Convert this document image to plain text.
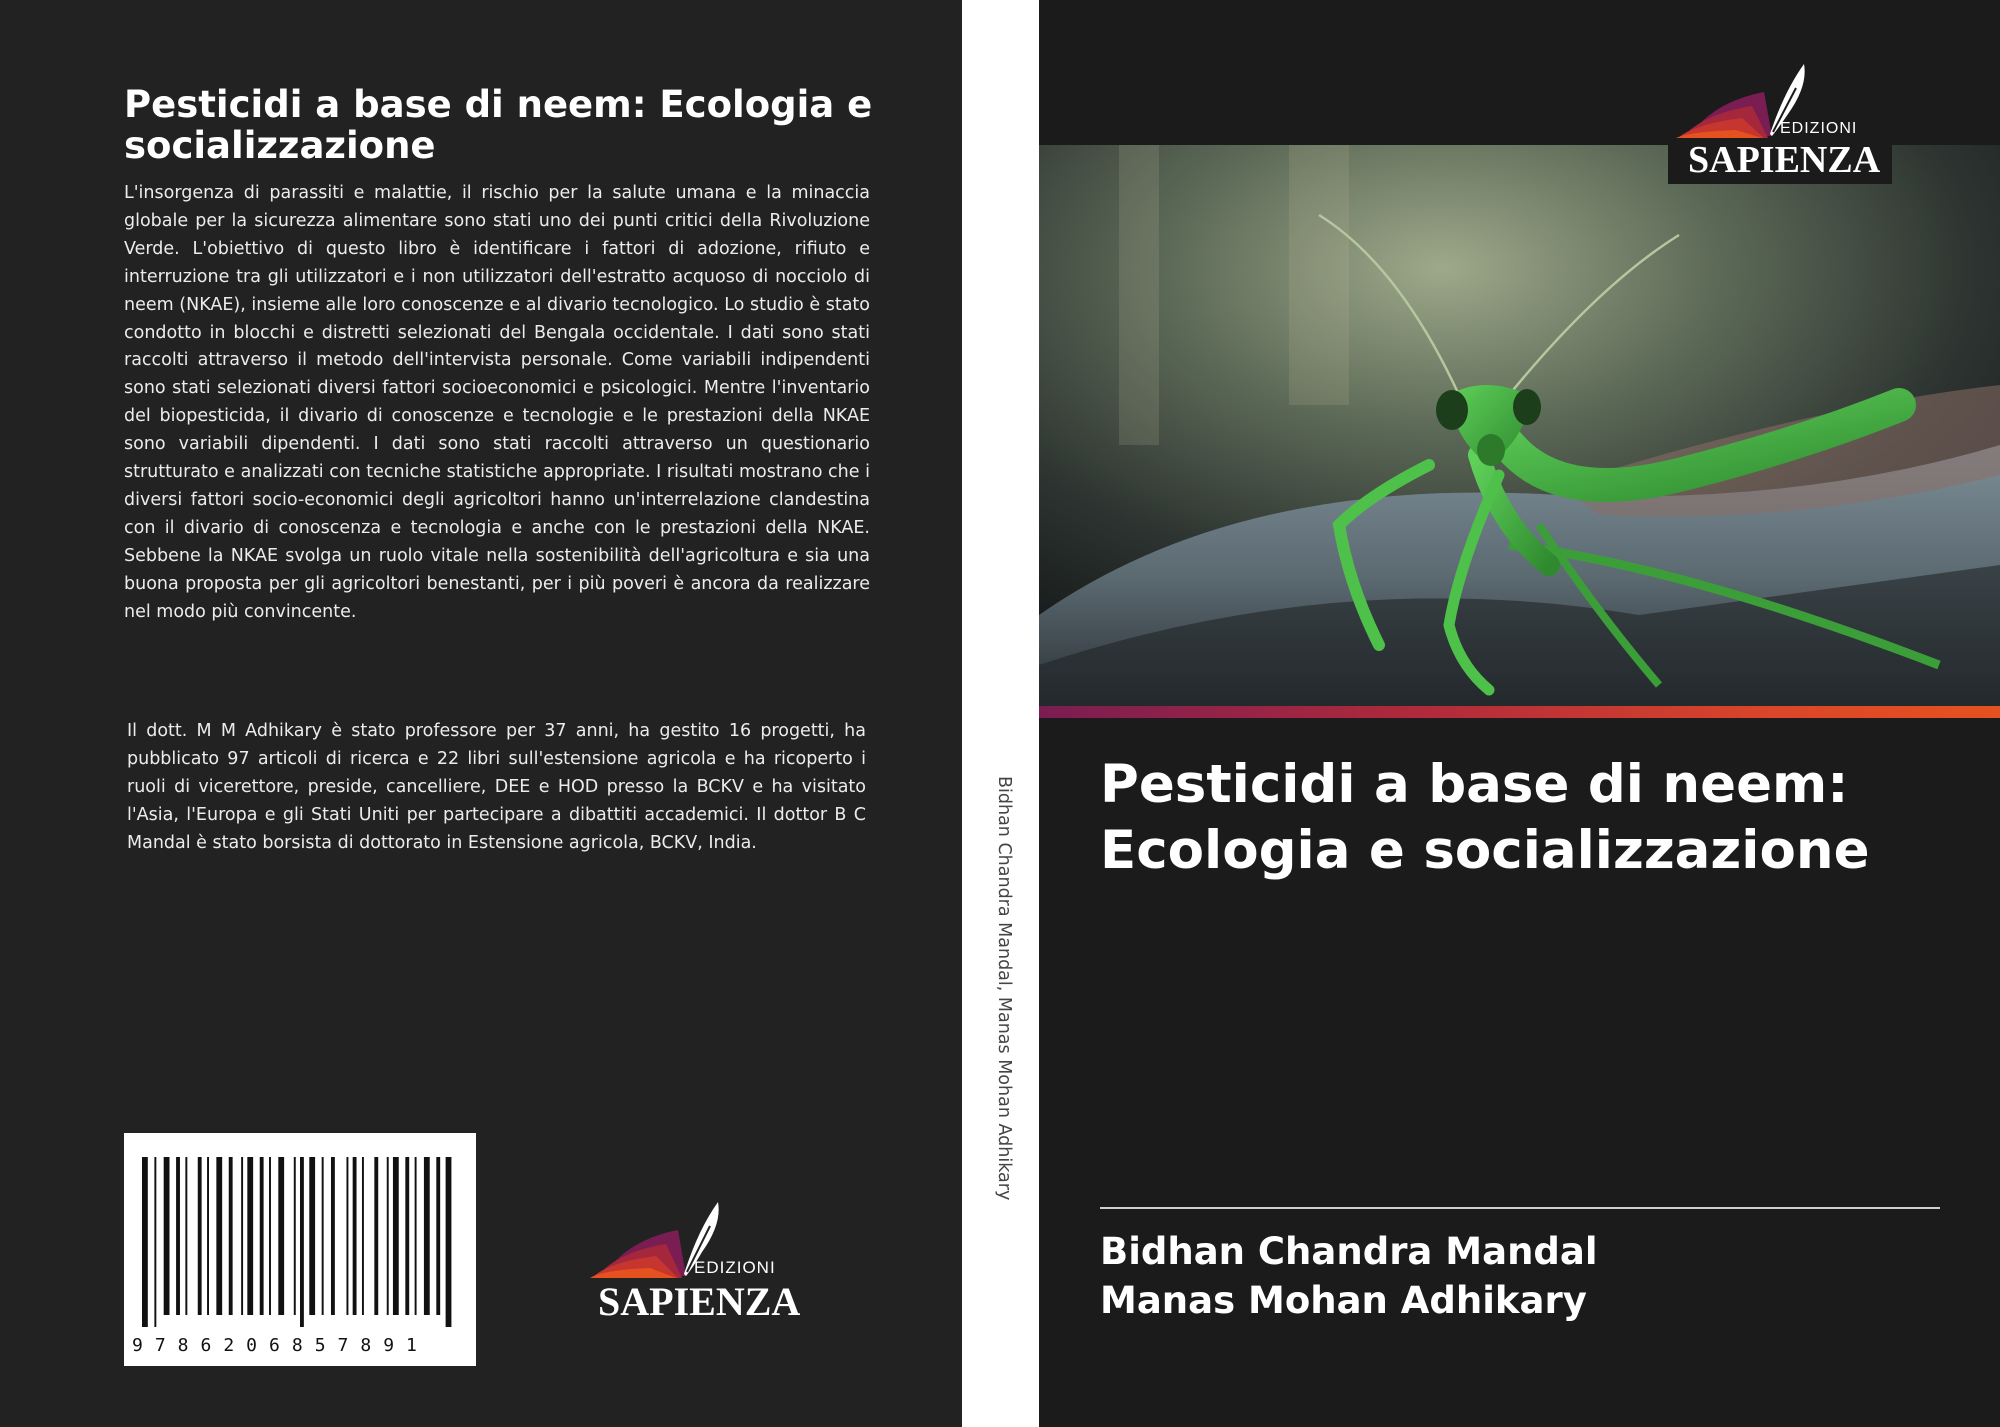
Pesticidi a base di neem: Ecologia e socializzazione

L'insorgenza di parassiti e malattie, il rischio per la salute umana e la minaccia globale per la sicurezza alimentare sono stati uno dei punti critici della Rivoluzione Verde. L'obiettivo di questo libro è identificare i fattori di adozione, rifiuto e interruzione tra gli utilizzatori e i non utilizzatori dell'estratto acquoso di nocciolo di neem (NKAE), insieme alle loro conoscenze e al divario tecnologico. Lo studio è stato condotto in blocchi e distretti selezionati del Bengala occidentale. I dati sono stati raccolti attraverso il metodo dell'intervista personale. Come variabili indipendenti sono stati selezionati diversi fattori socioeconomici e psicologici. Mentre l'inventario del biopesticida, il divario di conoscenze e tecnologie e le prestazioni della NKAE sono variabili dipendenti. I dati sono stati raccolti attraverso un questionario strutturato e analizzati con tecniche statistiche appropriate. I risultati mostrano che i diversi fattori socio-economici degli agricoltori hanno un'interrelazione clandestina con il divario di conoscenza e tecnologia e anche con le prestazioni della NKAE. Sebbene la NKAE svolga un ruolo vitale nella sostenibilità dell'agricoltura e sia una buona proposta per gli agricoltori benestanti, per i più poveri è ancora da realizzare nel modo più convincente.

Il dott. M M Adhikary è stato professore per 37 anni, ha gestito 16 progetti, ha pubblicato 97 articoli di ricerca e 22 libri sull'estensione agricola e ha ricoperto i ruoli di vicerettore, preside, cancelliere, DEE e HOD presso la BCKV e ha visitato l'Asia, l'Europa e gli Stati Uniti per partecipare a dibattiti accademici. Il dottor B C Mandal è stato borsista di dottorato in Estensione agricola, BCKV, India.

9786206857891
EDIZIONI
SAPIENZA
Bidhan Chandra Mandal, Manas Mohan Adhikary
EDIZIONI
SAPIENZA
Pesticidi a base di neem: Ecologia e socializzazione
Bidhan Chandra Mandal
Manas Mohan Adhikary
